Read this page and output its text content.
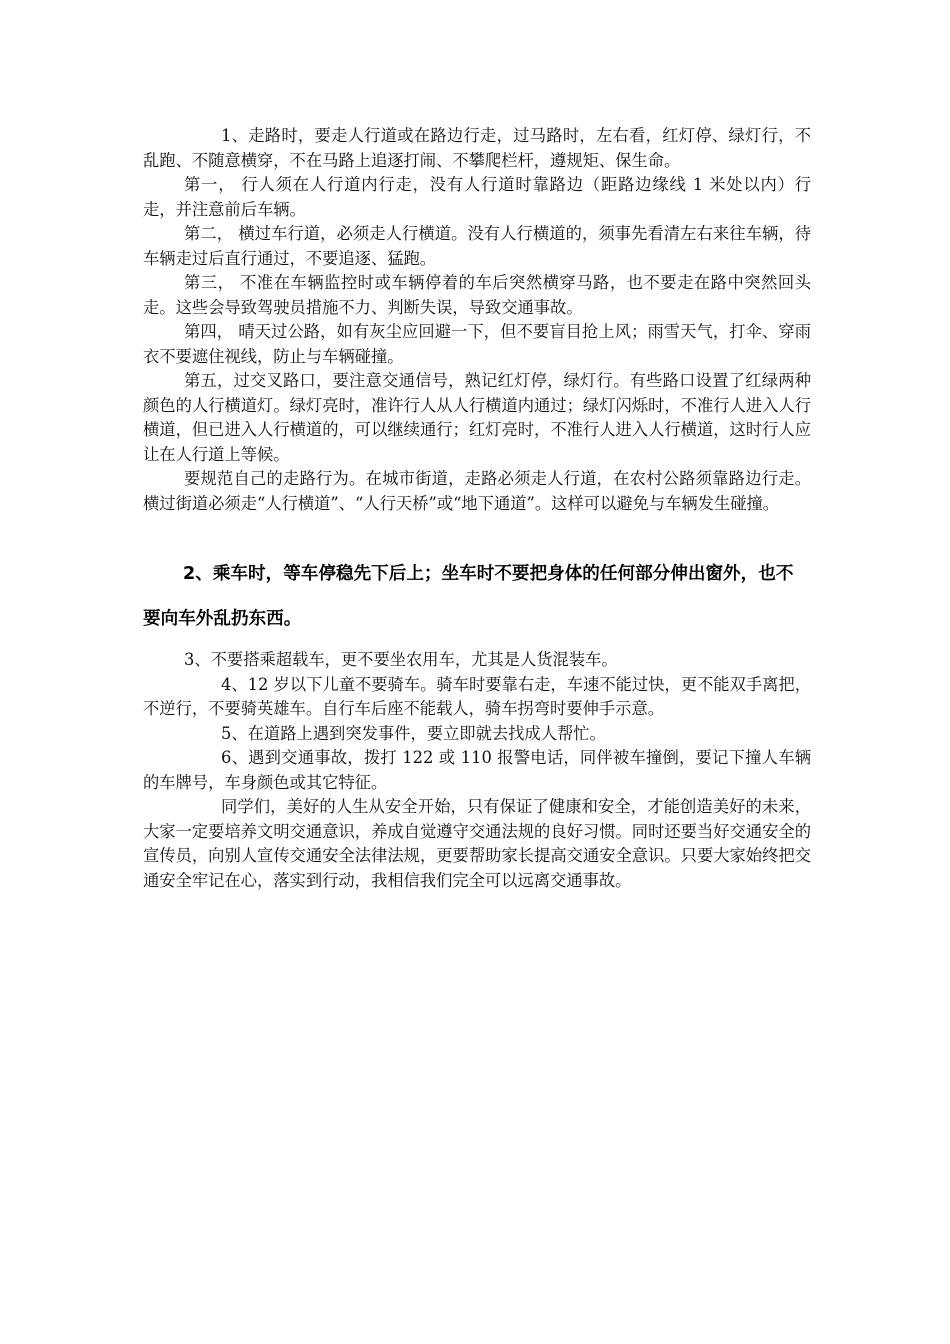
1、走路时，要走人行道或在路边行走，过马路时，左右看，红灯停、绿灯行，不乱跑、不随意横穿，不在马路上追逐打闹、不攀爬栏杆，遵规矩、保生命。

第一， 行人须在人行道内行走，没有人行道时靠路边（距路边缘线 1 米处以内）行走，并注意前后车辆。

第二， 横过车行道，必须走人行横道。没有人行横道的，须事先看清左右来往车辆，待车辆走过后直行通过，不要追逐、猛跑。

第三， 不准在车辆监控时或车辆停着的车后突然横穿马路，也不要走在路中突然回头走。这些会导致驾驶员措施不力、判断失误，导致交通事故。

第四， 晴天过公路，如有灰尘应回避一下，但不要盲目抢上风；雨雪天气，打伞、穿雨衣不要遮住视线，防止与车辆碰撞。

第五，过交叉路口，要注意交通信号，熟记红灯停，绿灯行。有些路口设置了红绿两种颜色的人行横道灯。绿灯亮时，准许行人从人行横道内通过；绿灯闪烁时，不准行人进入人行横道，但已进入人行横道的，可以继续通行；红灯亮时，不准行人进入人行横道，这时行人应让在人行道上等候。

要规范自己的走路行为。在城市街道，走路必须走人行道，在农村公路须靠路边行走。横过街道必须走“人行横道”、“人行天桥”或“地下通道”。这样可以避免与车辆发生碰撞。

2、乘车时，等车停稳先下后上；坐车时不要把身体的任何部分伸出窗外，也不要向车外乱扔东西。

3、不要搭乘超载车，更不要坐农用车，尤其是人货混装车。

4、12 岁以下儿童不要骑车。骑车时要靠右走，车速不能过快，更不能双手离把，不逆行，不要骑英雄车。自行车后座不能载人，骑车拐弯时要伸手示意。

5、在道路上遇到突发事件，要立即就去找成人帮忙。

6、遇到交通事故，拨打 122 或 110 报警电话，同伴被车撞倒，要记下撞人车辆的车牌号，车身颜色或其它特征。

同学们，美好的人生从安全开始，只有保证了健康和安全，才能创造美好的未来，大家一定要培养文明交通意识，养成自觉遵守交通法规的良好习惯。同时还要当好交通安全的宣传员，向别人宣传交通安全法律法规，更要帮助家长提高交通安全意识。只要大家始终把交通安全牢记在心，落实到行动，我相信我们完全可以远离交通事故。
